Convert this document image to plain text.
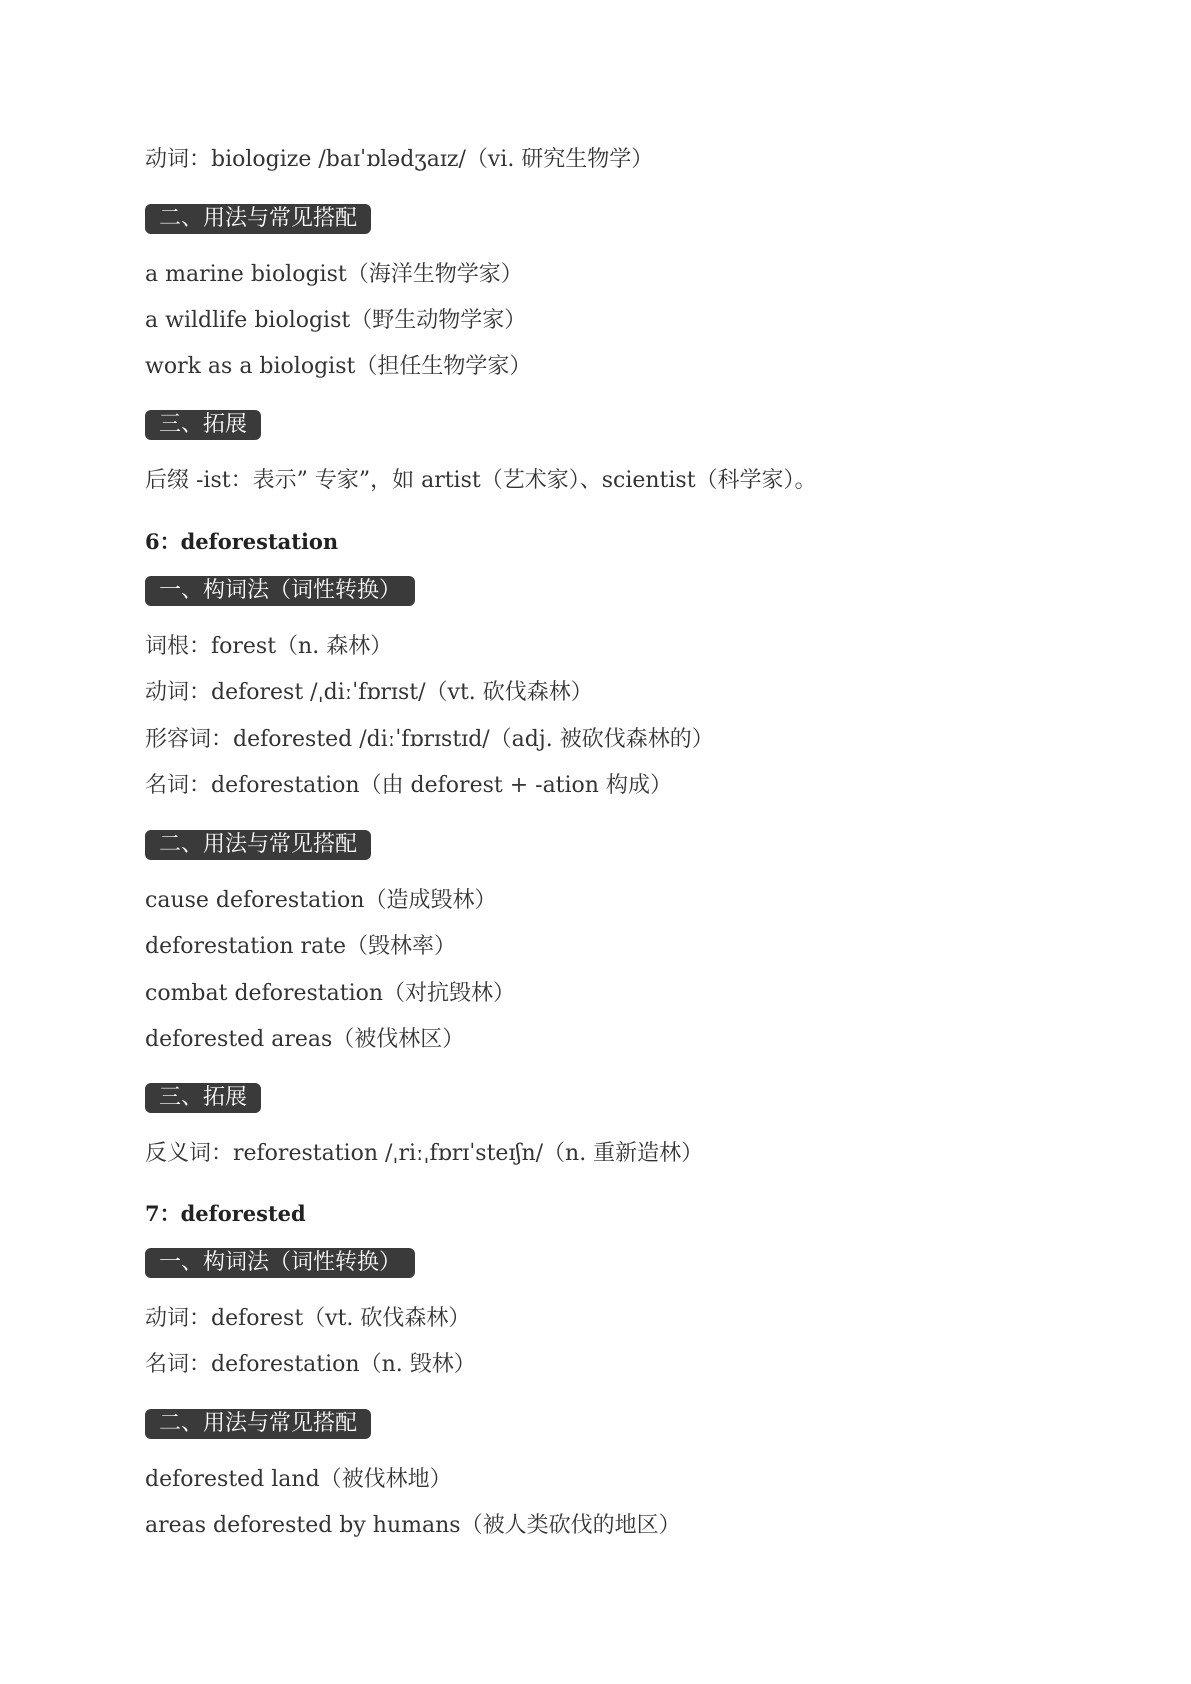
动词：biologize /baɪˈɒlədʒaɪz/（vi. 研究生物学）
二、用法与常见搭配
a marine biologist（海洋生物学家）
a wildlife biologist（野生动物学家）
work as a biologist（担任生物学家）
三、拓展
后缀 -ist：表示” 专家”，如 artist（艺术家）、scientist（科学家）。
6：deforestation
一、构词法（词性转换）
词根：forest（n. 森林）
动词：deforest /ˌdiːˈfɒrɪst/（vt. 砍伐森林）
形容词：deforested /diːˈfɒrɪstɪd/（adj. 被砍伐森林的）
名词：deforestation（由 deforest + -ation 构成）
二、用法与常见搭配
cause deforestation（造成毁林）
deforestation rate（毁林率）
combat deforestation（对抗毁林）
deforested areas（被伐林区）
三、拓展
反义词：reforestation /ˌriːˌfɒrɪˈsteɪʃn/（n. 重新造林）
7：deforested
一、构词法（词性转换）
动词：deforest（vt. 砍伐森林）
名词：deforestation（n. 毁林）
二、用法与常见搭配
deforested land（被伐林地）
areas deforested by humans（被人类砍伐的地区）
